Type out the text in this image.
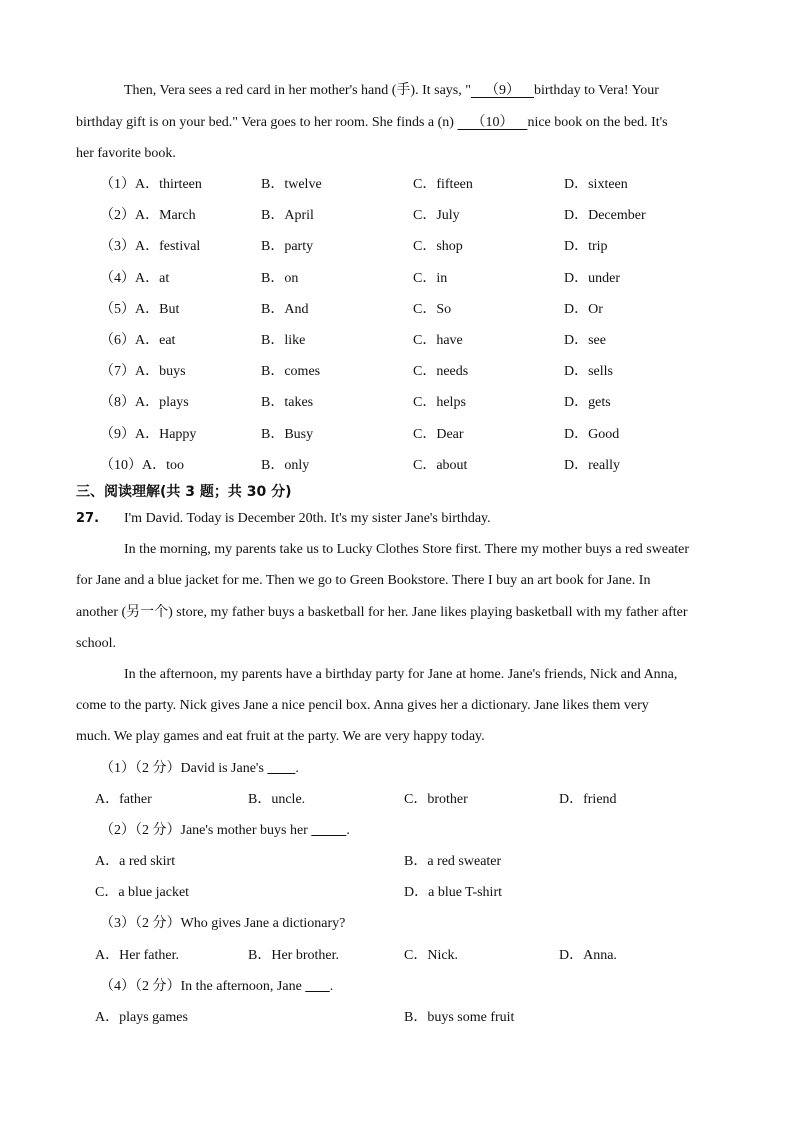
Then, Vera sees a red card in her mother's hand (手). It says, "    （9）    birthday to Vera! Your
birthday gift is on your bed." Vera goes to her room. She finds a (n)     （10）    nice book on the bed. It's
her favorite book.
（1）A．thirteen	B．twelve	C．fifteen	D．sixteen
（2）A．March	B．April	C．July	D．December
（3）A．festival	B．party	C．shop	D．trip
（4）A．at	B．on	C．in	D．under
（5）A．But	B．And	C．So	D．Or
（6）A．eat	B．like	C．have	D．see
（7）A．buys	B．comes	C．needs	D．sells
（8）A．plays	B．takes	C．helps	D．gets
（9）A．Happy	B．Busy	C．Dear	D．Good
（10）A．too	B．only	C．about	D．really
三、阅读理解(共 3 题；共 30 分)
27. I'm David. Today is December 20th. It's my sister Jane's birthday.
In the morning, my parents take us to Lucky Clothes Store first. There my mother buys a red sweater
for Jane and a blue jacket for me. Then we go to Green Bookstore. There I buy an art book for Jane. In
another (另一个) store, my father buys a basketball for her. Jane likes playing basketball with my father after
school.
In the afternoon, my parents have a birthday party for Jane at home. Jane's friends, Nick and Anna,
come to the party. Nick gives Jane a nice pencil box. Anna gives her a dictionary. Jane likes them very
much. We play games and eat fruit at the party. We are very happy today.
（1）（2 分）David is Jane's         .
A．father	B．uncle.	C．brother	D．friend
（2）（2 分）Jane's mother buys her	.
A．a red skirt	B．a red sweater
C．a blue jacket	D．a blue T-shirt
（3）（2 分）Who gives Jane a dictionary?
A．Her father.	B．Her brother.	C．Nick.	D．Anna.
（4）（2 分）In the afternoon, Jane        .
A．plays games	B．buys some fruit
